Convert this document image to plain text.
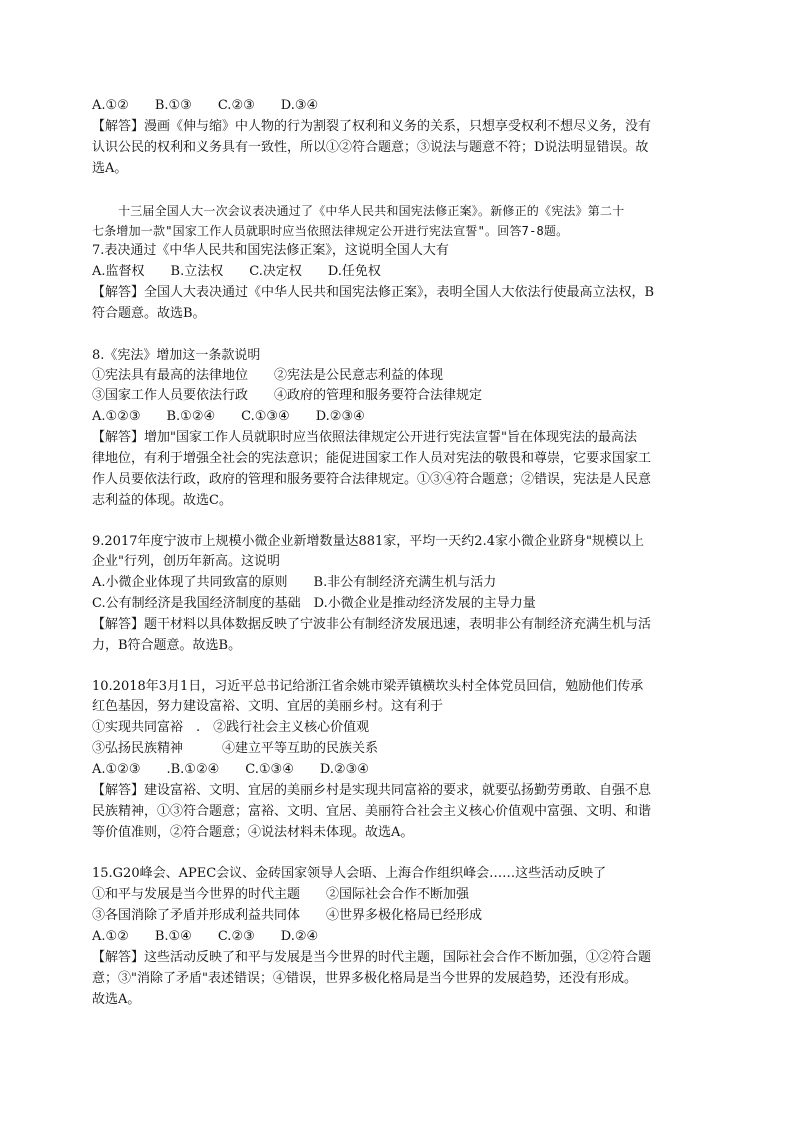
A.①②　　B.①③　　C.②③　　D.③④
【解答】漫画《伸与缩》中人物的行为割裂了权利和义务的关系，只想享受权利不想尽义务，没有
认识公民的权利和义务具有一致性，所以①②符合题意；③说法与题意不符；D说法明显错误。故
选A。
十三届全国人大一次会议表决通过了《中华人民共和国宪法修正案》。新修正的《宪法》第二十
七条增加一款"国家工作人员就职时应当依照法律规定公开进行宪法宣誓"。回答7-8题。
7.表决通过《中华人民共和国宪法修正案》，这说明全国人大有
A.监督权　　B.立法权　　C.决定权　　D.任免权
【解答】全国人大表决通过《中华人民共和国宪法修正案》，表明全国人大依法行使最高立法权，B
符合题意。故选B。
8.《宪法》增加这一条款说明
①宪法具有最高的法律地位　　②宪法是公民意志利益的体现
③国家工作人员要依法行政　　④政府的管理和服务要符合法律规定
A.①②③　　B.①②④　　C.①③④　　D.②③④
【解答】增加"国家工作人员就职时应当依照法律规定公开进行宪法宣誓"旨在体现宪法的最高法
律地位，有利于增强全社会的宪法意识；能促进国家工作人员对宪法的敬畏和尊崇，它要求国家工
作人员要依法行政，政府的管理和服务要符合法律规定。①③④符合题意；②错误，宪法是人民意
志利益的体现。故选C。
9.2017年度宁波市上规模小微企业新增数量达881家，平均一天约2.4家小微企业跻身"规模以上
企业"行列，创历年新高。这说明
A.小微企业体现了共同致富的原则　　B.非公有制经济充满生机与活力
C.公有制经济是我国经济制度的基础　D.小微企业是推动经济发展的主导力量
【解答】题干材料以具体数据反映了宁波非公有制经济发展迅速，表明非公有制经济充满生机与活
力，B符合题意。故选B。
10.2018年3月1日，习近平总书记给浙江省余姚市梁弄镇横坎头村全体党员回信，勉励他们传承
红色基因，努力建设富裕、文明、宜居的美丽乡村。这有利于
①实现共同富裕　.　②践行社会主义核心价值观
③弘扬民族精神　　　④建立平等互助的民族关系
A.①②③　　.B.①②④　　C.①③④　　D.②③④
【解答】建设富裕、文明、宜居的美丽乡村是实现共同富裕的要求，就要弘扬勤劳勇敢、自强不息
民族精神，①③符合题意；富裕、文明、宜居、美丽符合社会主义核心价值观中富强、文明、和谐
等价值准则，②符合题意；④说法材料未体现。故选A。
15.G20峰会、APEC会议、金砖国家领导人会晤、上海合作组织峰会……这些活动反映了
①和平与发展是当今世界的时代主题　　②国际社会合作不断加强
③各国消除了矛盾并形成利益共同体　　④世界多极化格局已经形成
A.①②　　B.①④　　C.②③　　D.②④
【解答】这些活动反映了和平与发展是当今世界的时代主题，国际社会合作不断加强，①②符合题
意；③"消除了矛盾"表述错误；④错误，世界多极化格局是当今世界的发展趋势，还没有形成。
故选A。
